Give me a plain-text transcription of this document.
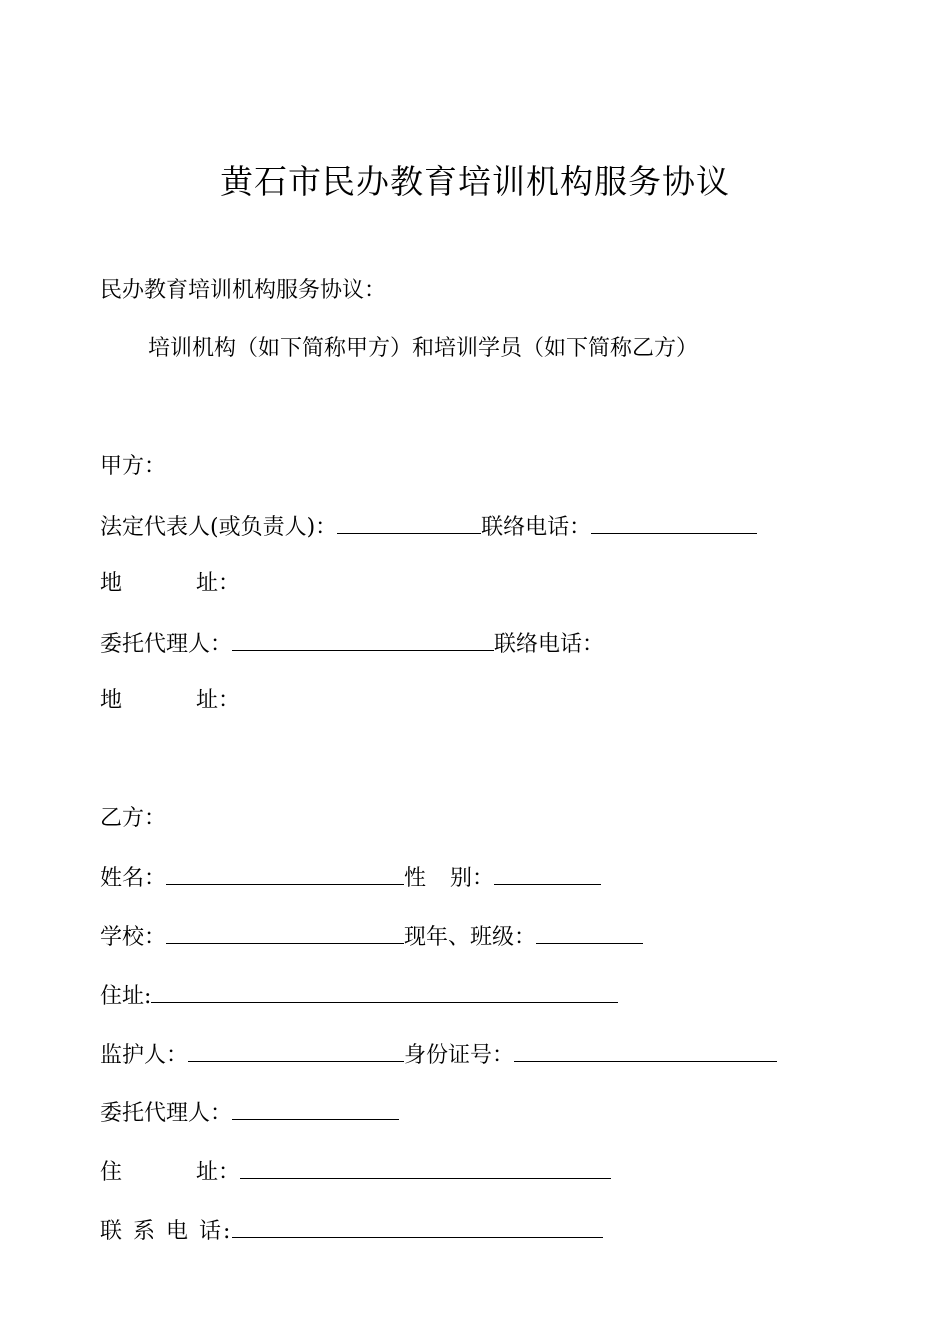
黄石市民办教育培训机构服务协议
民办教育培训机构服务协议：
培训机构（如下简称甲方）和培训学员（如下简称乙方）
甲方：
法定代表人(或负责人)：	联络电话：
地	址：
委托代理人：	联络电话：
地	址：
乙方：
姓名：	性 别：
学校：	现年、班级：
住址:
监护人：	身份证号：
委托代理人：
住	址：
联 系 电 话:
